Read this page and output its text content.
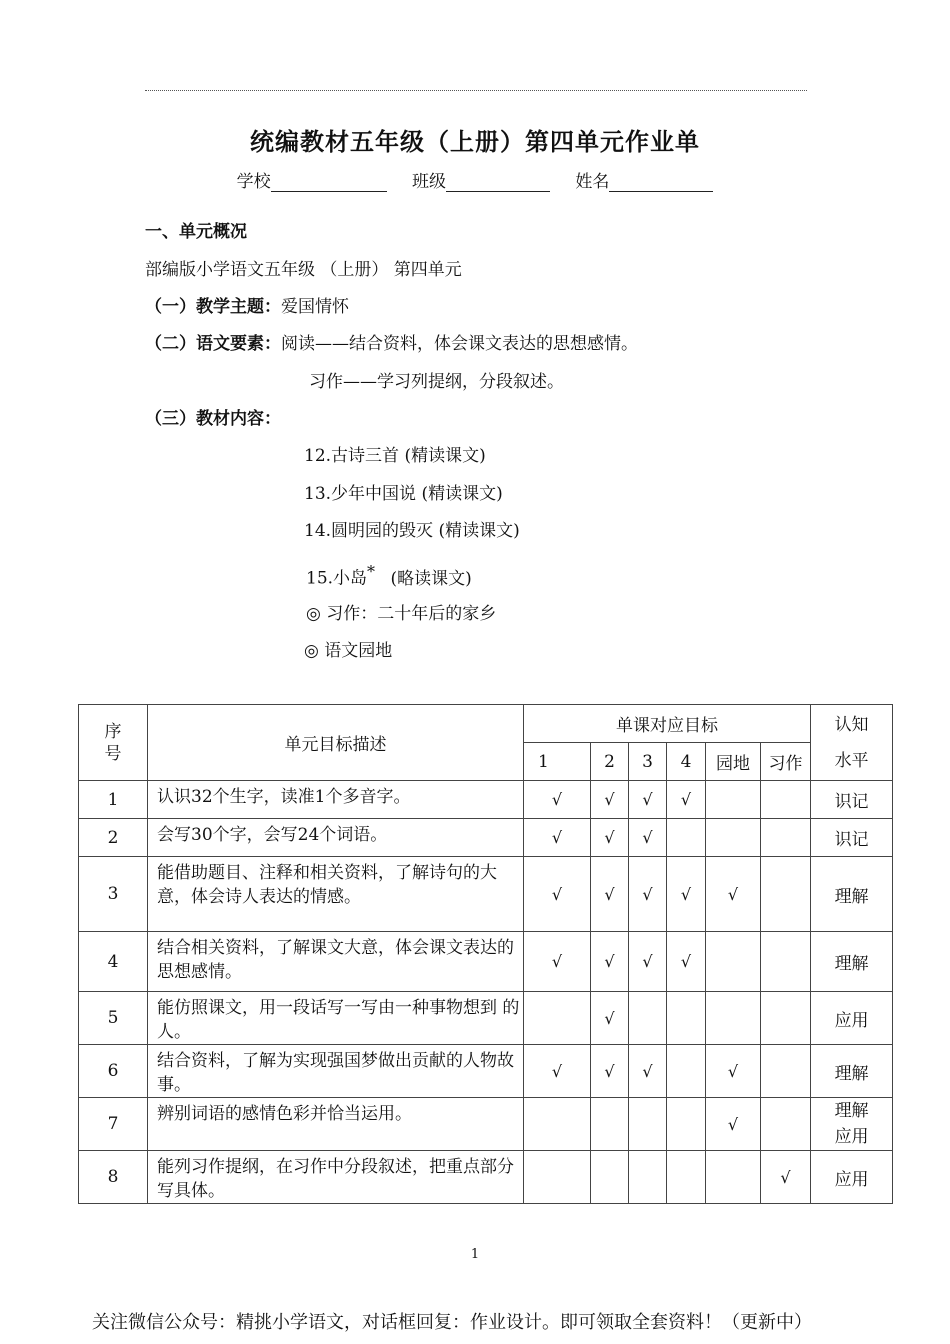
统编教材五年级（上册）第四单元作业单
学校	班级	姓名
一、单元概况
部编版小学语文五年级 （上册） 第四单元
（一）教学主题：爱国情怀
（二）语文要素：阅读——结合资料，体会课文表达的思想感情。
习作——学习列提纲，分段叙述。
（三）教材内容：
12.古诗三首 (精读课文)
13.少年中国说 (精读课文)
14.圆明园的毁灭 (精读课文)
15.小岛* (略读课文)
◎ 习作：二十年后的家乡
◎ 语文园地
序号	单元目标描述	单课对应目标						认知水平

		1	2	3	4	园地	习作	
1	认识32个生字，读准1个多音字。	√	√	√	√			识记
2	会写30个字，会写24个词语。	√	√	√				识记
3	能借助题目、注释和相关资料，了解诗句的大意，体会诗人表达的情感。	√	√	√	√	√		理解
4	结合相关资料，了解课文大意，体会课文表达的思想感情。	√	√	√	√			理解
5	能仿照课文，用一段话写一写由一种事物想到 的人。		√					应用
6	结合资料，了解为实现强国梦做出贡献的人物故事。	√	√	√		√		理解
7	辨别词语的感情色彩并恰当运用。					√		理解应用

8	能列习作提纲，在习作中分段叙述，把重点部分写具体。						√	应用
1
关注微信公众号：精挑小学语文，对话框回复：作业设计。即可领取全套资料！（更新中）
